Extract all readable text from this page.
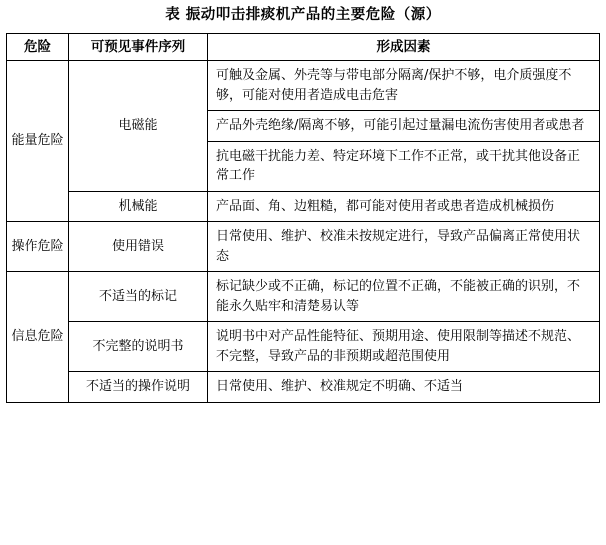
表 振动叩击排痰机产品的主要危险（源）
危险	可预见事件序列	形成因素
能量危险	电磁能	可触及金属、外壳等与带电部分隔离/保护不够，电介质强度不够，可能对使用者造成电击危害
		产品外壳绝缘/隔离不够，可能引起过量漏电流伤害使用者或患者
		抗电磁干扰能力差、特定环境下工作不正常，或干扰其他设备正常工作
	机械能	产品面、角、边粗糙，都可能对使用者或患者造成机械损伤
操作危险	使用错误	日常使用、维护、校准未按规定进行，导致产品偏离正常使用状态
信息危险	不适当的标记	标记缺少或不正确，标记的位置不正确，不能被正确的识别，不能永久贴牢和清楚易认等
	不完整的说明书	说明书中对产品性能特征、预期用途、使用限制等描述不规范、不完整，导致产品的非预期或超范围使用
	不适当的操作说明	日常使用、维护、校准规定不明确、不适当
